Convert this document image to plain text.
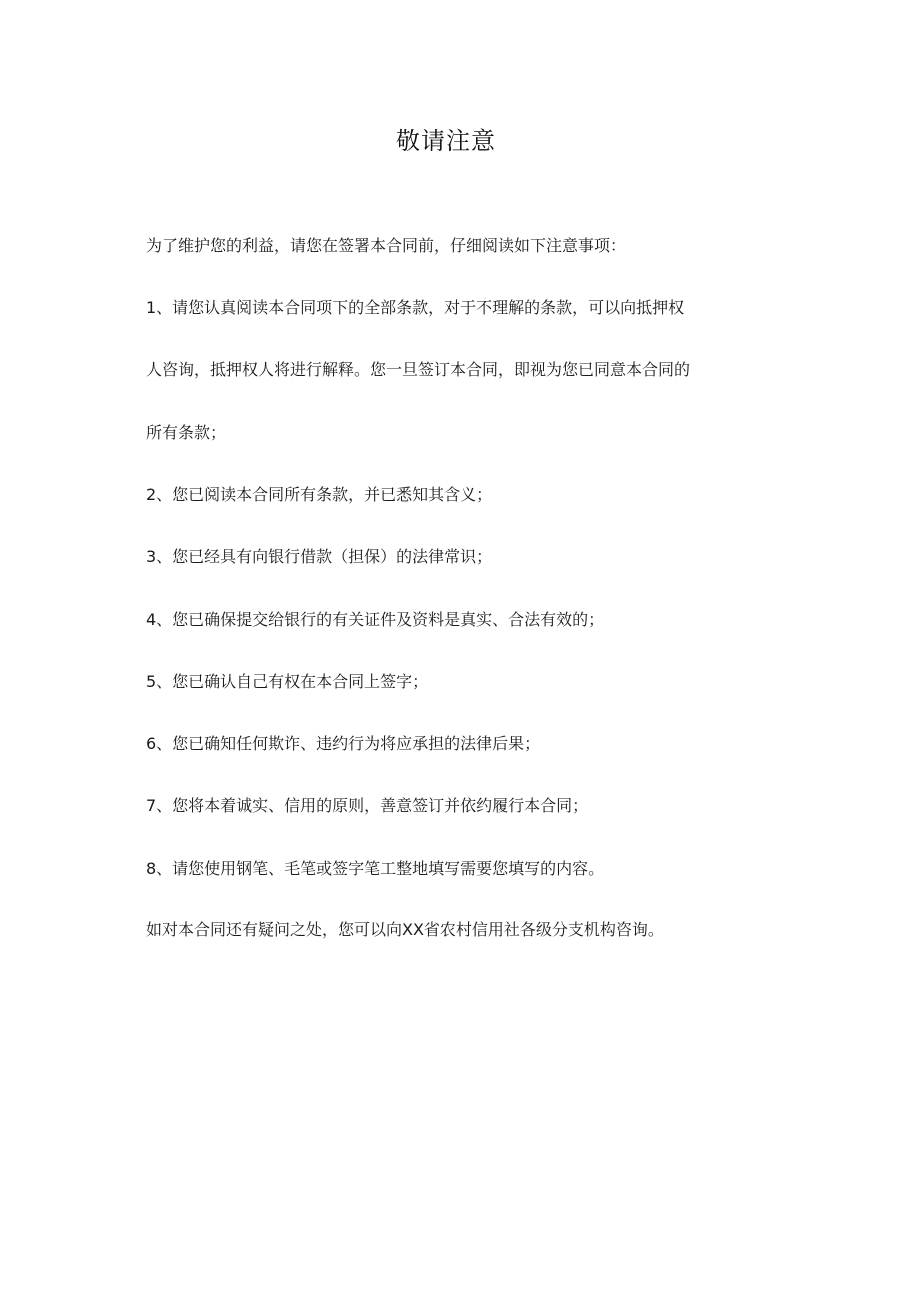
敬请注意
为了维护您的利益，请您在签署本合同前，仔细阅读如下注意事项：
1、请您认真阅读本合同项下的全部条款，对于不理解的条款，可以向抵押权
人咨询，抵押权人将进行解释。您一旦签订本合同，即视为您已同意本合同的
所有条款；
2、您已阅读本合同所有条款，并已悉知其含义；
3、您已经具有向银行借款（担保）的法律常识；
4、您已确保提交给银行的有关证件及资料是真实、合法有效的；
5、您已确认自己有权在本合同上签字；
6、您已确知任何欺诈、违约行为将应承担的法律后果；
7、您将本着诚实、信用的原则，善意签订并依约履行本合同；
8、请您使用钢笔、毛笔或签字笔工整地填写需要您填写的内容。
如对本合同还有疑问之处，您可以向XX省农村信用社各级分支机构咨询。
